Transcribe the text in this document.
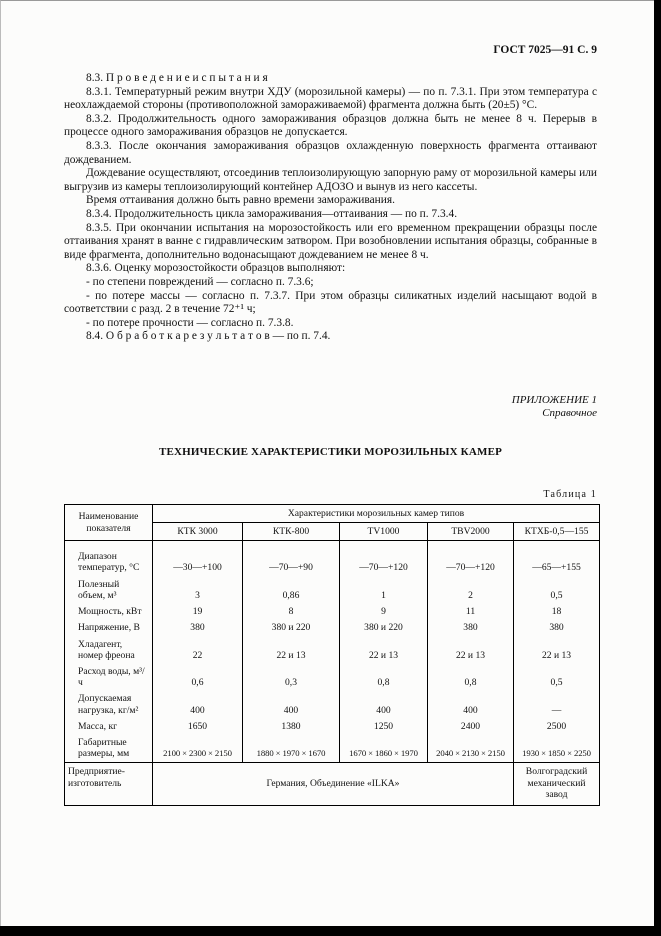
ГОСТ 7025—91 С. 9

8.3. П р о в е д е н и е и с п ы т а н и я

8.3.1. Температурный режим внутри ХДУ (морозильной камеры) — по п. 7.3.1. При этом температура с неохлаждаемой стороны (противоположной замораживаемой) фрагмента должна быть (20±5) °С.

8.3.2. Продолжительность одного замораживания образцов должна быть не менее 8 ч. Перерыв в процессе одного замораживания образцов не допускается.

8.3.3. После окончания замораживания образцов охлажденную поверхность фрагмента оттаивают дождеванием.

Дождевание осуществляют, отсоединив теплоизолирующую запорную раму от морозильной камеры или выгрузив из камеры теплоизолирующий контейнер АДОЗО и вынув из него кассеты.

Время оттаивания должно быть равно времени замораживания.

8.3.4. Продолжительность цикла замораживания—оттаивания — по п. 7.3.4.

8.3.5. При окончании испытания на морозостойкость или его временном прекращении образцы после оттаивания хранят в ванне с гидравлическим затвором. При возобновлении испытания образцы, собранные в виде фрагмента, дополнительно водонасыщают дождеванием не менее 8 ч.

8.3.6. Оценку морозостойкости образцов выполняют:

- по степени повреждений — согласно п. 7.3.6;

- по потере массы — согласно п. 7.3.7. При этом образцы силикатных изделий насыщают водой в соответствии с разд. 2 в течение 72⁺¹ ч;

- по потере прочности — согласно п. 7.3.8.

8.4. О б р а б о т к а р е з у л ь т а т о в — по п. 7.4.

ПРИЛОЖЕНИЕ 1
Справочное
ТЕХНИЧЕСКИЕ ХАРАКТЕРИСТИКИ МОРОЗИЛЬНЫХ КАМЕР
Таблица 1
Наименование показателя	Характеристики морозильных камер типов				
	КТК 3000	КТК-800	TV1000	TBV2000	КТХБ-0,5—155
Диапазон температур, °С	—30—+100	—70—+90	—70—+120	—70—+120	—65—+155
Полезный объем, м³	3	0,86	1	2	0,5
Мощность, кВт	19	8	9	11	18
Напряжение, В	380	380 и 220	380 и 220	380	380
Хладагент, номер фреона	22	22 и 13	22 и 13	22 и 13	22 и 13
Расход воды, м³/ч	0,6	0,3	0,8	0,8	0,5
Допускаемая нагрузка, кг/м²	400	400	400	400	—
Масса, кг	1650	1380	1250	2400	2500
Габаритные размеры, мм	2100 × 2300 × 2150	1880 × 1970 × 1670	1670 × 1860 × 1970	2040 × 2130 × 2150	1930 × 1850 × 2250
Предприятие-изготовитель	Германия, Объединение «ILKA»				Волгоградский механический завод
